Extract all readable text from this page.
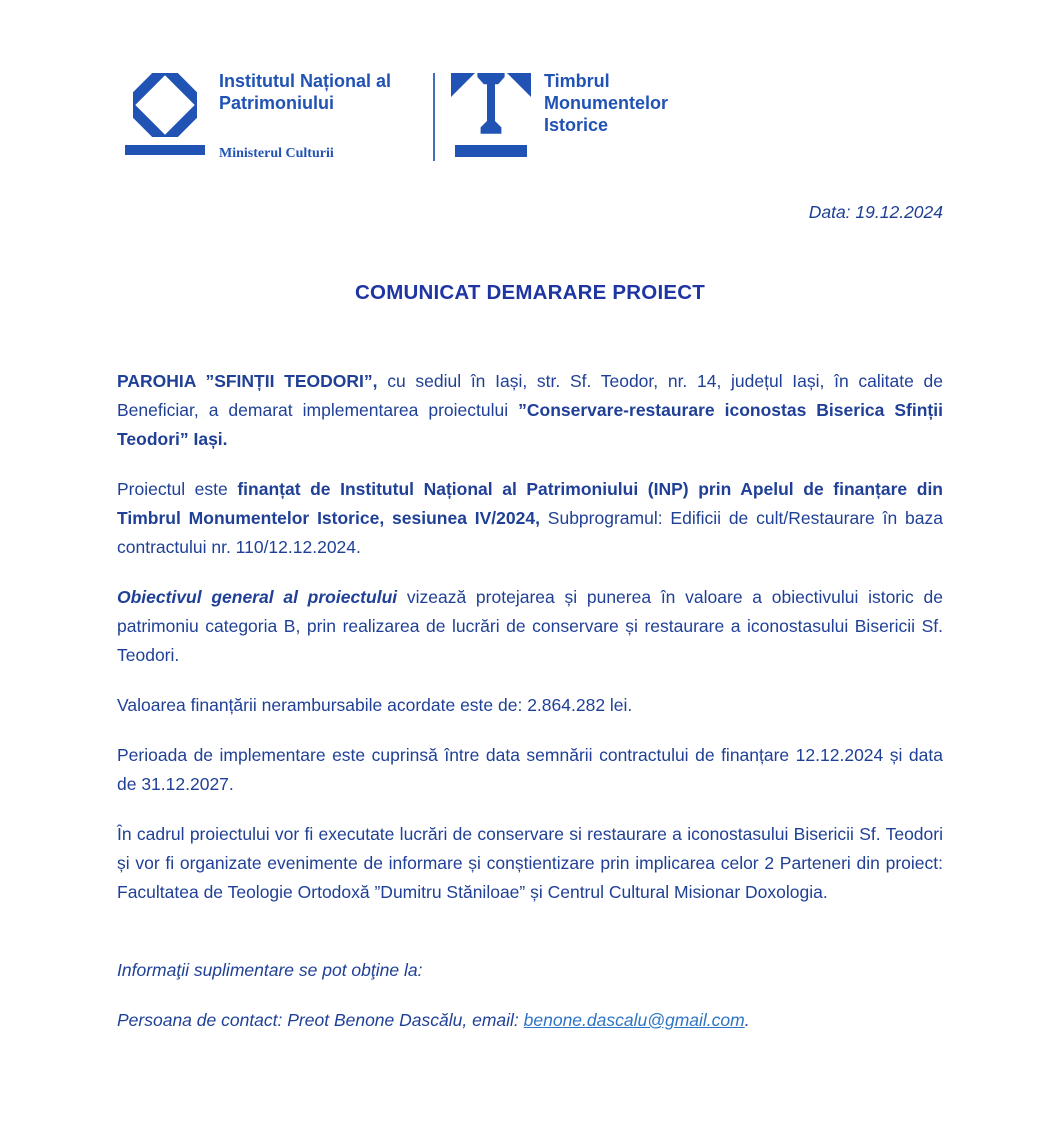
Institutul Național al Patrimoniului
Ministerul Culturii
Timbrul Monumentelor Istorice
Data: 19.12.2024
COMUNICAT DEMARARE PROIECT
PAROHIA ”SFINȚII TEODORI”, cu sediul în Iași, str. Sf. Teodor, nr. 14, județul Iași, în calitate de Beneficiar, a demarat implementarea proiectului ”Conservare-restaurare iconostas Biserica Sfinții Teodori” Iași.
Proiectul este finanțat de Institutul Național al Patrimoniului (INP) prin Apelul de finanțare din Timbrul Monumentelor Istorice, sesiunea IV/2024, Subprogramul: Edificii de cult/Restaurare în baza contractului nr. 110/12.12.2024.
Obiectivul general al proiectului vizează protejarea și punerea în valoare a obiectivului istoric de patrimoniu categoria B, prin realizarea de lucrări de conservare și restaurare a iconostasului Bisericii Sf. Teodori.
Valoarea finanțării nerambursabile acordate este de: 2.864.282 lei.
Perioada de implementare este cuprinsă între data semnării contractului de finanțare 12.12.2024 și data de 31.12.2027.
În cadrul proiectului vor fi executate lucrări de conservare si restaurare a iconostasului Bisericii Sf. Teodori și vor fi organizate evenimente de informare și conștientizare prin implicarea celor 2 Parteneri din proiect: Facultatea de Teologie Ortodoxă ”Dumitru Stăniloae” și Centrul Cultural Misionar Doxologia.
Informaţii suplimentare se pot obţine la:
Persoana de contact: Preot Benone Dascălu, email: benone.dascalu@gmail.com.
